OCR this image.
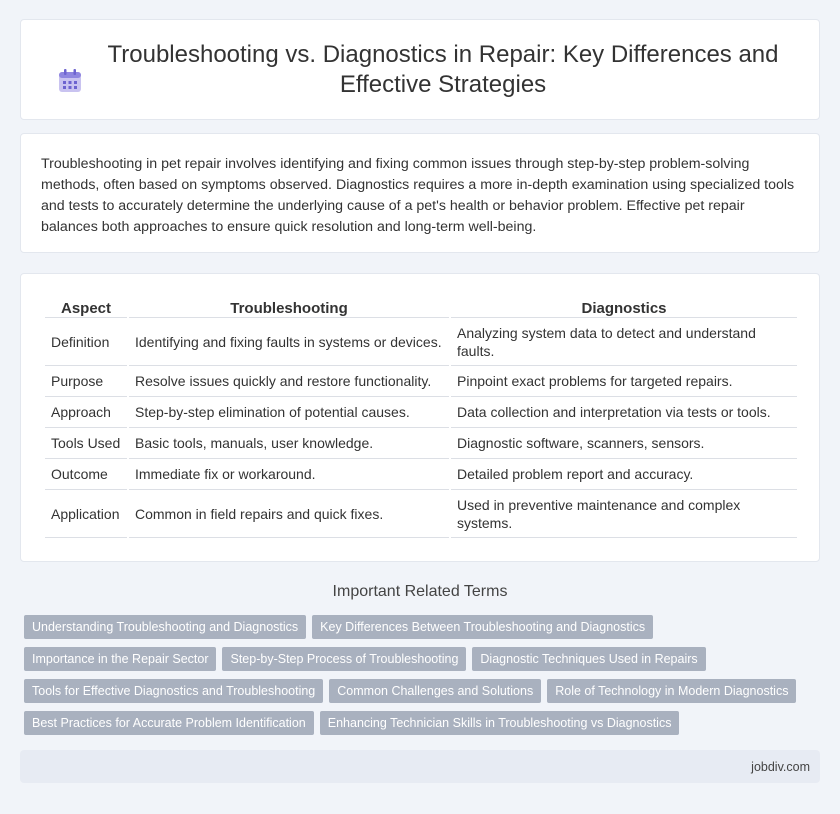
Troubleshooting vs. Diagnostics in Repair: Key Differences and Effective Strategies

Troubleshooting in pet repair involves identifying and fixing common issues through step-by-step problem-solving methods, often based on symptoms observed. Diagnostics requires a more in-depth examination using specialized tools and tests to accurately determine the underlying cause of a pet's health or behavior problem. Effective pet repair balances both approaches to ensure quick resolution and long-term well-being.

Aspect	Troubleshooting	Diagnostics
Definition	Identifying and fixing faults in systems or devices.	Analyzing system data to detect and understand faults.
Purpose	Resolve issues quickly and restore functionality.	Pinpoint exact problems for targeted repairs.
Approach	Step-by-step elimination of potential causes.	Data collection and interpretation via tests or tools.
Tools Used	Basic tools, manuals, user knowledge.	Diagnostic software, scanners, sensors.
Outcome	Immediate fix or workaround.	Detailed problem report and accuracy.
Application	Common in field repairs and quick fixes.	Used in preventive maintenance and complex systems.
Important Related Terms
Understanding Troubleshooting and Diagnostics	Key Differences Between Troubleshooting and Diagnostics
Importance in the Repair Sector	Step-by-Step Process of Troubleshooting	Diagnostic Techniques Used in Repairs
Tools for Effective Diagnostics and Troubleshooting	Common Challenges and Solutions	Role of Technology in Modern Diagnostics
Best Practices for Accurate Problem Identification	Enhancing Technician Skills in Troubleshooting vs Diagnostics
jobdiv.com
